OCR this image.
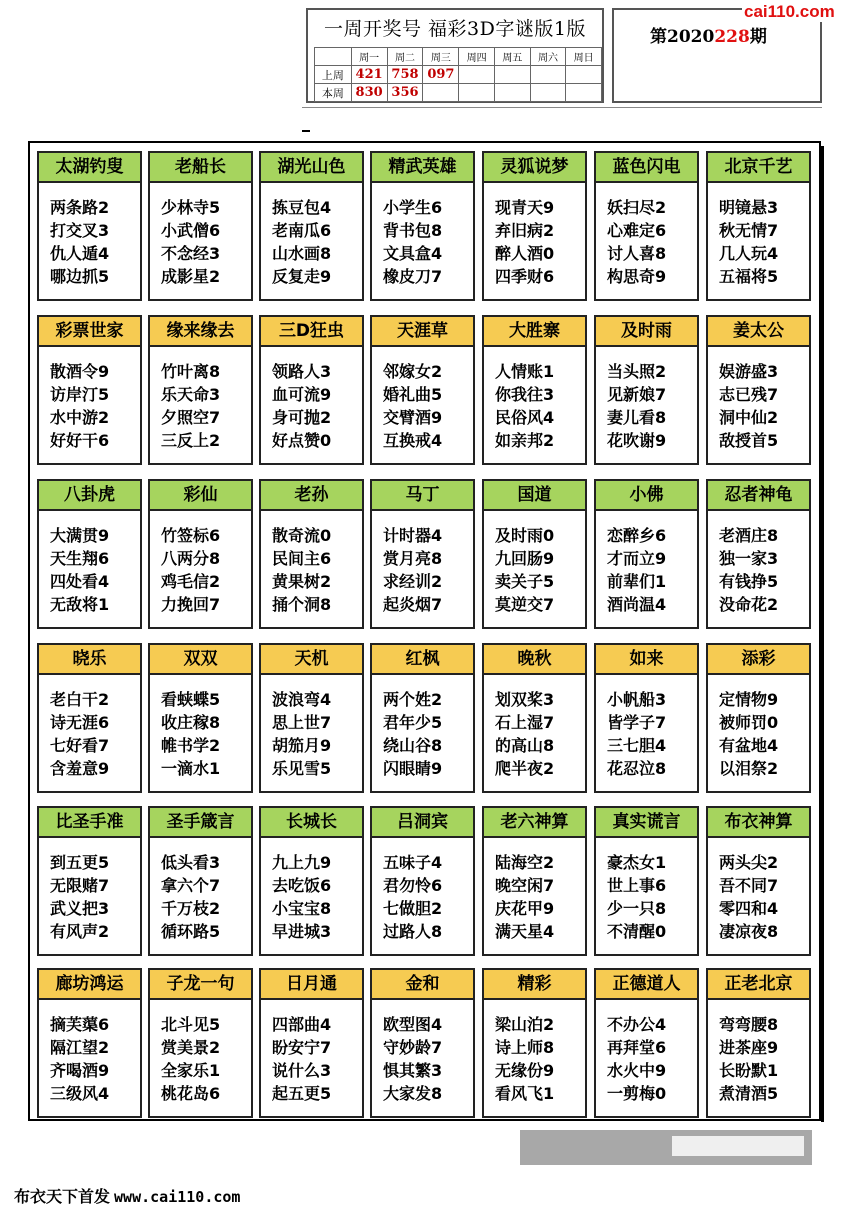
一周开奖号 福彩3D字谜版1版
	周一	周二	周三	周四	周五	周六	周日
上周	421	758	097				
本周	830	356					
第2020228期
cai110.com
太湖钓叟
两条路2
打交叉3
仇人遁4
哪边抓5
老船长
少林寺5
小武僧6
不念经3
成影星2
湖光山色
拣豆包4
老南瓜6
山水画8
反复走9
精武英雄
小学生6
背书包8
文具盒4
橡皮刀7
灵狐说梦
现青天9
弃旧病2
醉人酒0
四季财6
蓝色闪电
妖扫尽2
心难定6
讨人喜8
构思奇9
北京千艺
明镜悬3
秋无情7
几人玩4
五福将5
彩票世家
散酒令9
访岸汀5
水中游2
好好干6
缘来缘去
竹叶离8
乐天命3
夕照空7
三反上2
三D狂虫
领路人3
血可流9
身可抛2
好点赞0
天涯草
邻嫁女2
婚礼曲5
交臂酒9
互换戒4
大胜寨
人情账1
你我往3
民俗风4
如亲邦2
及时雨
当头照2
见新娘7
妻儿看8
花吹谢9
姜太公
娱游盛3
志已残7
洞中仙2
敌授首5
八卦虎
大满贯9
天生翔6
四处看4
无敌将1
彩仙
竹签标6
八两分8
鸡毛信2
力挽回7
老孙
散奇流0
民间主6
黄果树2
捅个洞8
马丁
计时器4
赏月亮8
求经训2
起炎烟7
国道
及时雨0
九回肠9
卖关子5
莫逆交7
小佛
恋醉乡6
才而立9
前辈们1
酒尚温4
忍者神龟
老酒庄8
独一家3
有钱挣5
没命花2
晓乐
老白干2
诗无涯6
七好看7
含羞意9
双双
看蛱蝶5
收庄稼8
帷书学2
一滴水1
天机
波浪弯4
思上世7
胡笳月9
乐见雪5
红枫
两个姓2
君年少5
绕山谷8
闪眼睛9
晚秋
划双桨3
石上湿7
的高山8
爬半夜2
如来
小帆船3
皆学子7
三七胆4
花忍泣8
添彩
定情物9
被师罚0
有盆地4
以泪祭2
比圣手准
到五更5
无限赌7
武义把3
有风声2
圣手箴言
低头看3
拿六个7
千万枝2
循环路5
长城长
九上九9
去吃饭6
小宝宝8
早进城3
吕洞宾
五味子4
君勿怜6
七做胆2
过路人8
老六神算
陆海空2
晚空闲7
庆花甲9
满天星4
真实谎言
豪杰女1
世上事6
少一只8
不清醒0
布衣神算
两头尖2
吾不同7
零四和4
凄凉夜8
廊坊鸿运
摘芙蕖6
隔江望2
齐喝酒9
三级风4
子龙一句
北斗见5
赏美景2
全家乐1
桃花岛6
日月通
四部曲4
盼安宁7
说什么3
起五更5
金和
欧型图4
守妙龄7
惧其繁3
大家发8
精彩
梁山泊2
诗上师8
无缘份9
看风飞1
正德道人
不办公4
再拜堂6
水火中9
一剪梅0
正老北京
弯弯腰8
进茶座9
长盼默1
煮清酒5
布衣天下首发 www.cai110.com
